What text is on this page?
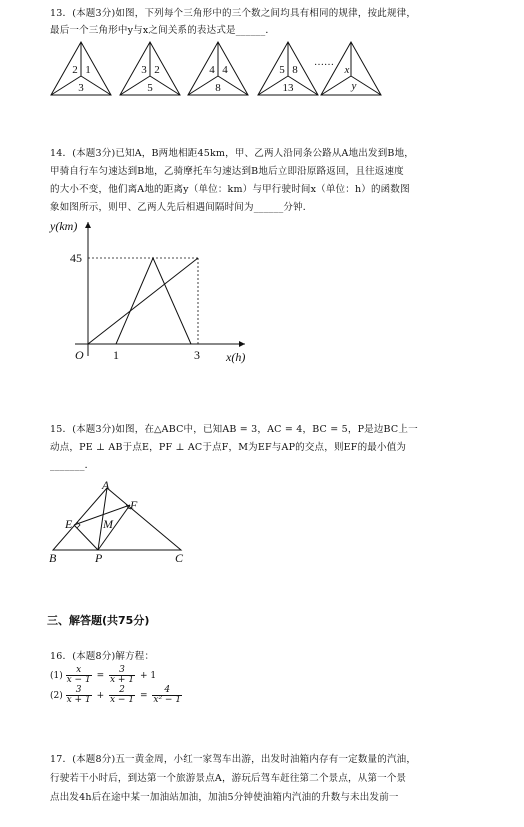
13．(本题3分)如图，下列每个三角形中的三个数之间均具有相同的规律，按此规律，
最后一个三角形中y与x之间关系的表达式是______．
2 1
3
3 2
5
4 4
8
5 8
13
……
x
y
14．(本题3分)已知A，B两地相距45km，甲、乙两人沿同条公路从A地出发到B地，
甲骑自行车匀速达到B地，乙骑摩托车匀速达到B地后立即沿原路返回，且往返速度
的大小不变，他们离A地的距离y（单位：km）与甲行驶时间x（单位：h）的函数图
象如图所示，则甲、乙两人先后相遇间隔时间为______分钟．
y(km)
x(h)
O
45
1	3
15．(本题3分)如图，在△ABC中，已知AB = 3，AC = 4，BC = 5，P是边BC上一
动点，PE ⊥ AB于点E，PF ⊥ AC于点F，M为EF与AP的交点，则EF的最小值为
_______．
A
B	C
E
F
M
P
三、解答题(共75分)
16．(本题8分)解方程：
$(1) \frac{x}{x - 1} = \frac{3}{x + 1} + 1$
$(2) \frac{3}{x + 1} + \frac{2}{x - 1} = \frac{4}{\text{x² − 1}}$
17．(本题8分)五一黄金周，小红一家驾车出游，出发时油箱内存有一定数量的汽油，
行驶若干小时后，到达第一个旅游景点A，游玩后驾车赶往第二个景点，从第一个景
点出发4h后在途中某一加油站加油，加油5分钟使油箱内汽油的升数与未出发前一
